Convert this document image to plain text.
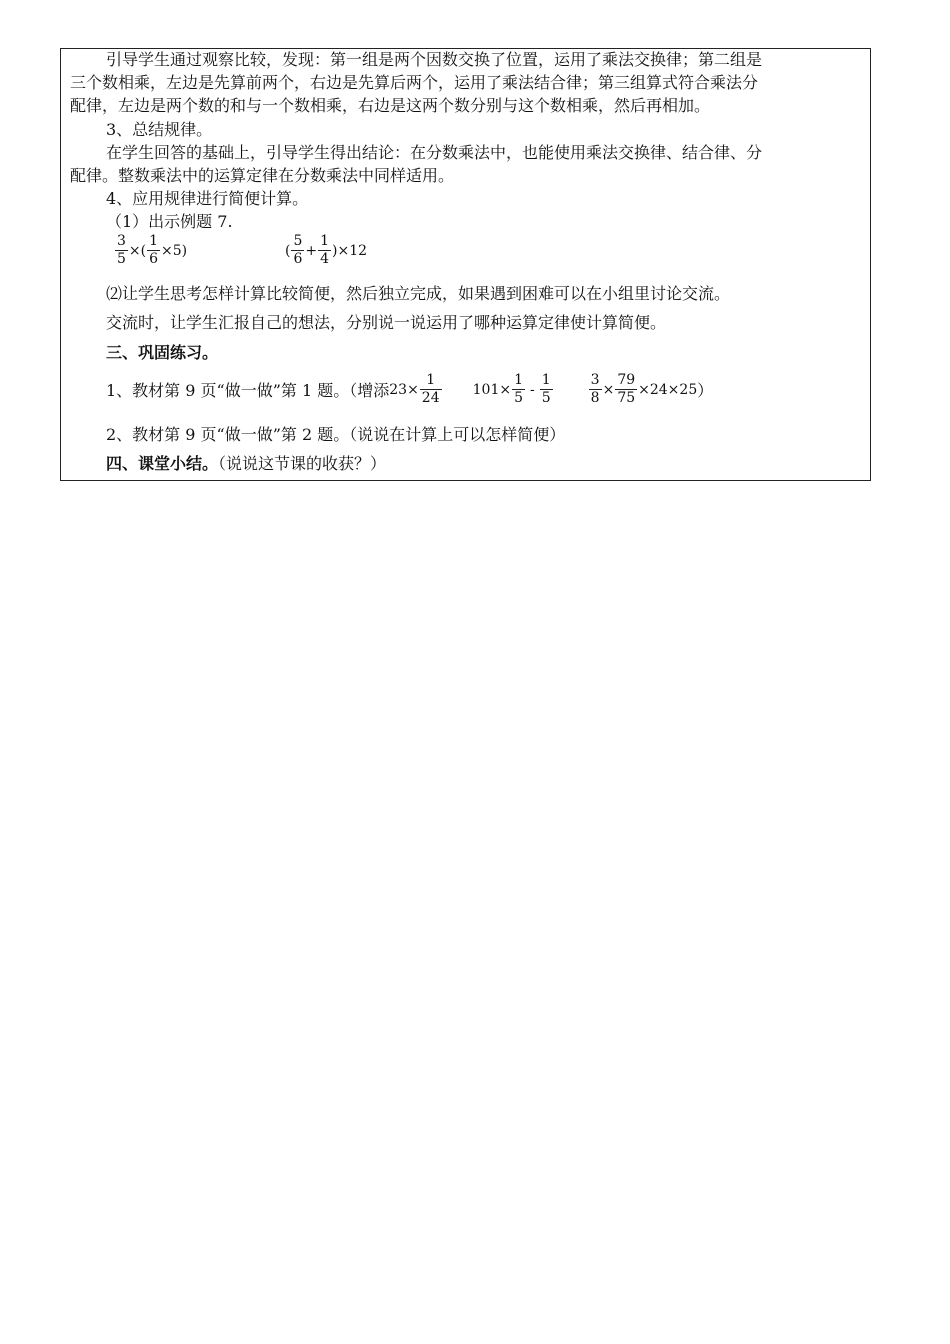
引导学生通过观察比较，发现：第一组是两个因数交换了位置，运用了乘法交换律；第二组是
三个数相乘，左边是先算前两个，右边是先算后两个，运用了乘法结合律；第三组算式符合乘法分
配律，左边是两个数的和与一个数相乘，右边是这两个数分别与这个数相乘，然后再相加。
3、总结规律。
在学生回答的基础上，引导学生得出结论：在分数乘法中，也能使用乘法交换律、结合律、分
配律。整数乘法中的运算定律在分数乘法中同样适用。
4、应用规律进行简便计算。
（1）出示例题 7.
$\frac{3}{5}$ ×( $\frac{1}{6} \times 5$)	( $\frac{5}{6} + \frac{1}{4} )\times 12$
⑵让学生思考怎样计算比较简便，然后独立完成，如果遇到困难可以在小组里讨论交流。
交流时，让学生汇报自己的想法，分别说一说运用了哪种运算定律使计算简便。
三、巩固练习。
1、教材第 9 页“做一做”第 1 题。（增添 $23\times \frac{1}{24} 101\times \frac{1}{5} - \frac{1}{5}$	$\frac{3}{8} \times \frac{79}{75} \times 24\times 25$ ）
2、教材第 9 页“做一做”第 2 题。（说说在计算上可以怎样简便）
四、课堂小结。（说说这节课的收获？）
